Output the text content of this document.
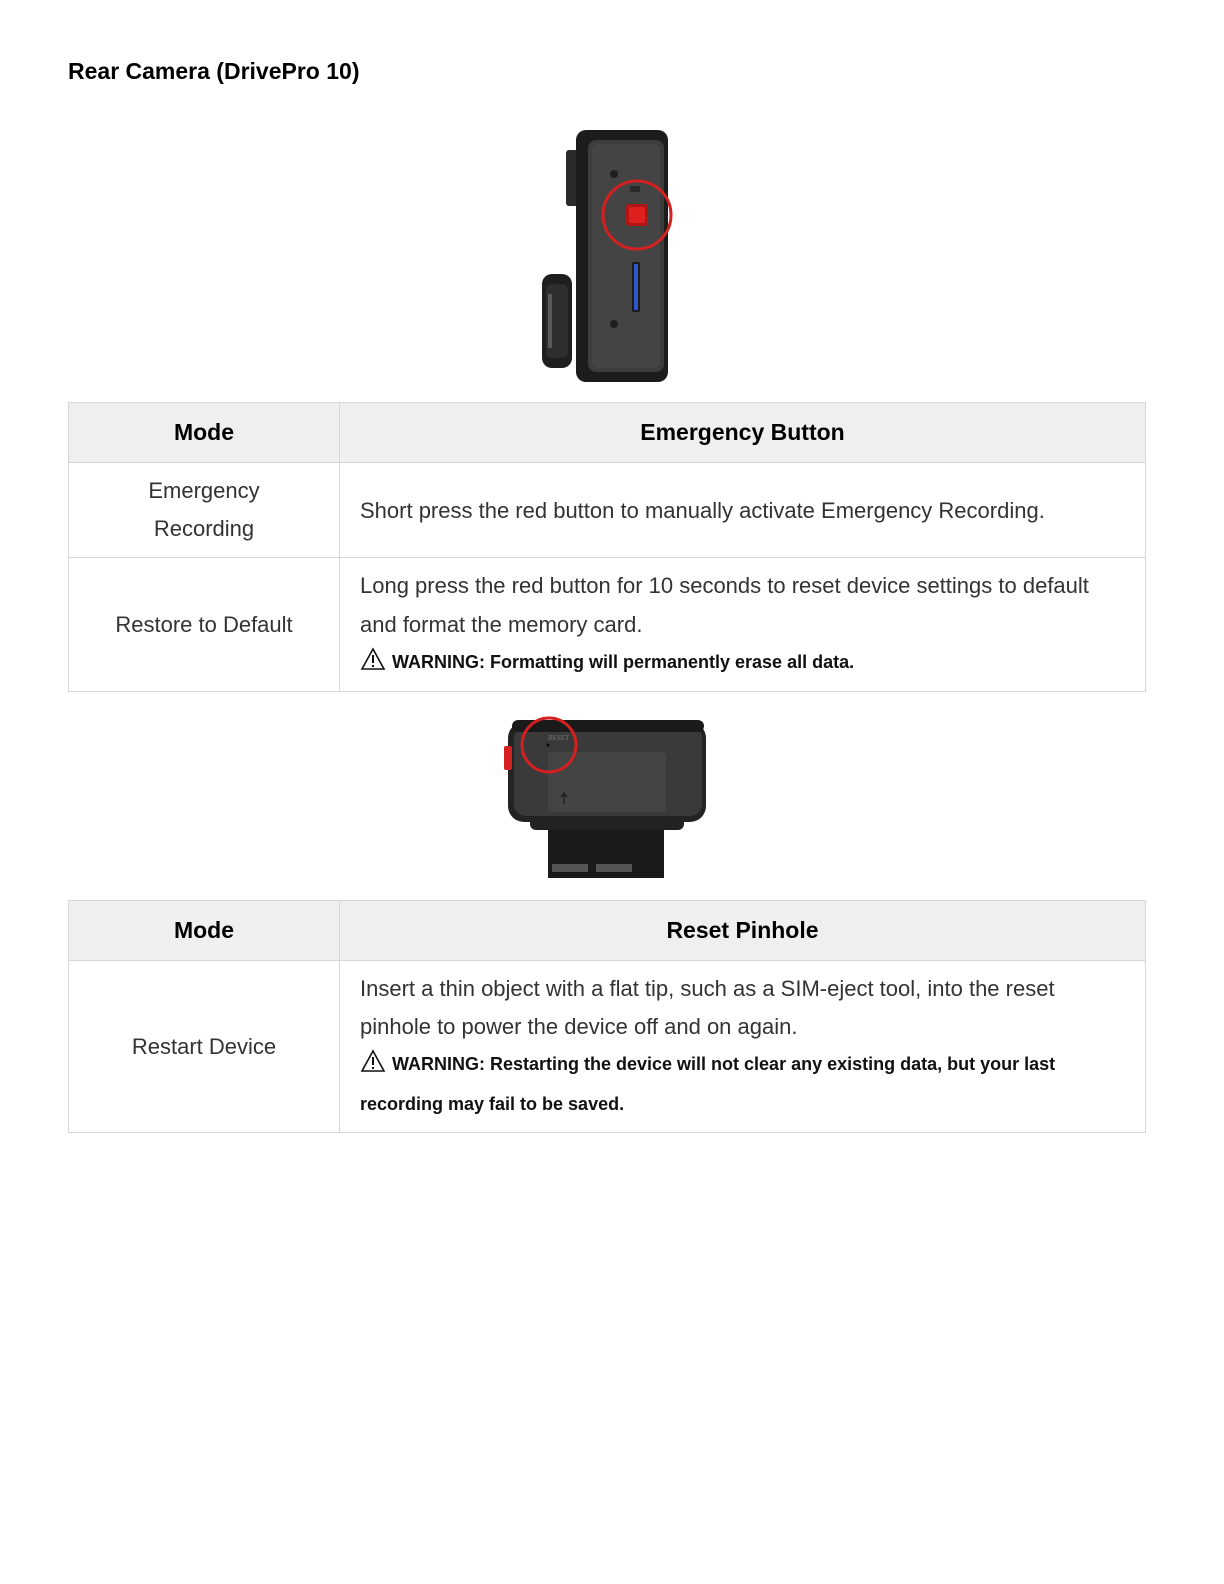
Rear Camera (DrivePro 10)
Mode	Emergency Button

Emergency
Recording	Short press the red button to manually activate Emergency Recording.
Restore to Default	Long press the red button for 10 seconds to reset device settings to default and format the memory card.
WARNING: Formatting will permanently erase all data.
RESET
Mode	Reset Pinhole
Restart Device	Insert a thin object with a flat tip, such as a SIM-eject tool, into the reset pinhole to power the device off and on again.
WARNING: Restarting the device will not clear any existing data, but your last recording may fail to be saved.
